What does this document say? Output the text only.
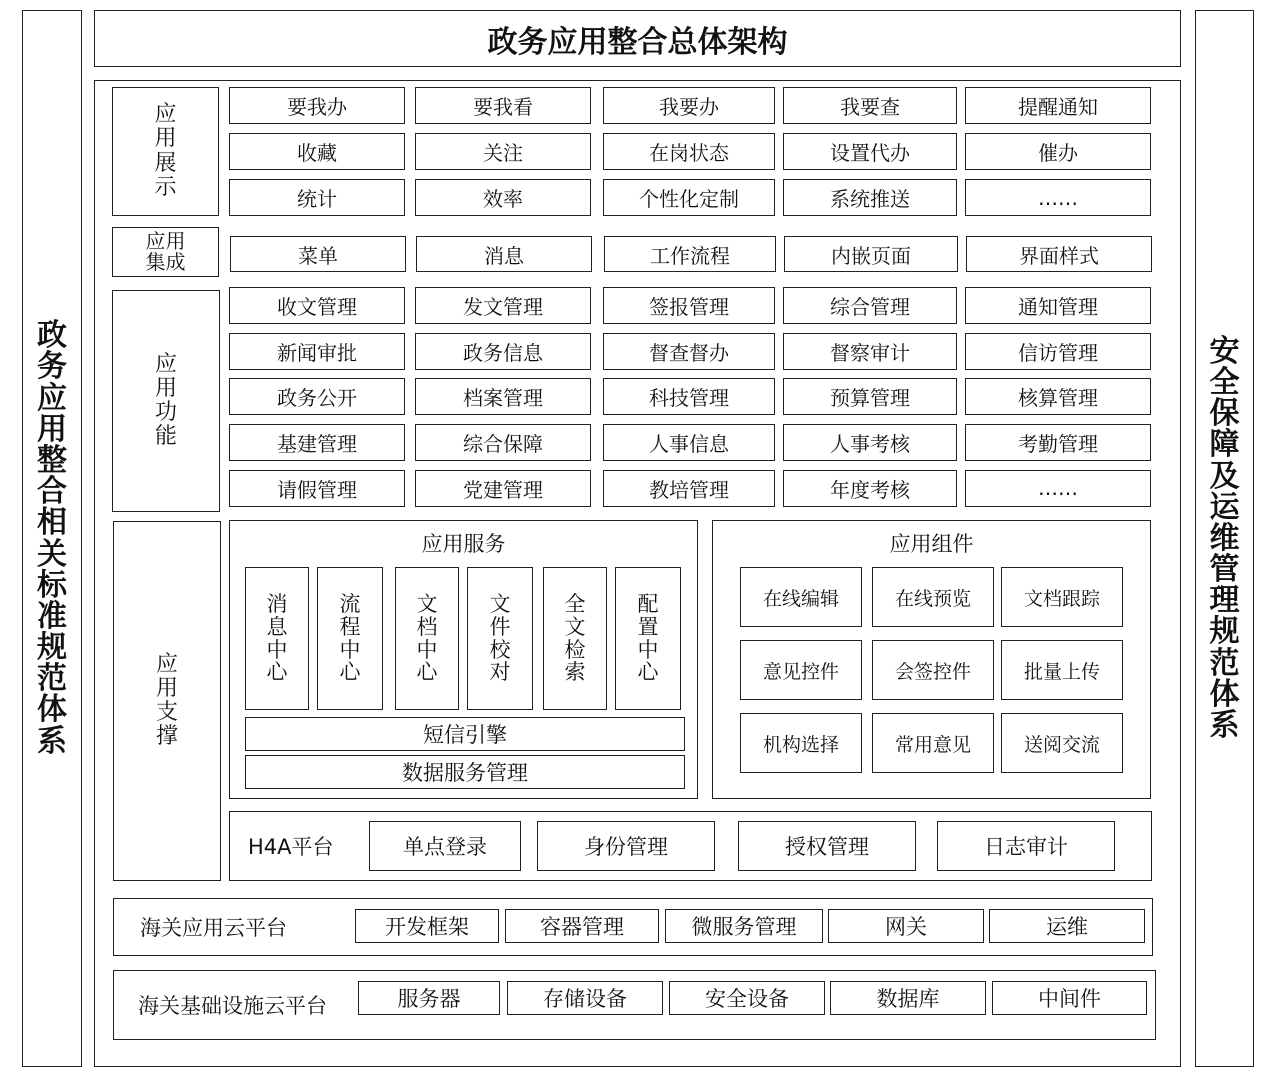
政
务
应
用
整
合
相
关
标
准
规
范
体
系
安
全
保
障
及
运
维
管
理
规
范
体
系
政务应用整合总体架构
应
用
展
示
应用
集成
应
用
功
能
应
用
支
撑
应用服务
短信引擎
数据服务管理
应用组件
H4A平台
海关应用云平台
海关基础设施云平台
要我办	要我看	我要办	我要查	提醒通知
收藏	关注	在岗状态	设置代办	催办
统计	效率	个性化定制	系统推送	……
菜单	消息	工作流程	内嵌页面	界面样式
收文管理	发文管理	签报管理	综合管理	通知管理
新闻审批	政务信息	督查督办	督察审计	信访管理
政务公开	档案管理	科技管理	预算管理	核算管理
基建管理	综合保障	人事信息	人事考核	考勤管理
请假管理	党建管理	教培管理	年度考核	……
消
息
中
心
流
程
中
心
文
档
中
心
文
件
校
对
全
文
检
索
配
置
中
心
在线编辑	在线预览	文档跟踪
意见控件	会签控件	批量上传
机构选择	常用意见	送阅交流
单点登录	身份管理	授权管理	日志审计
开发框架	容器管理	微服务管理	网关	运维
服务器	存储设备	安全设备	数据库	中间件
